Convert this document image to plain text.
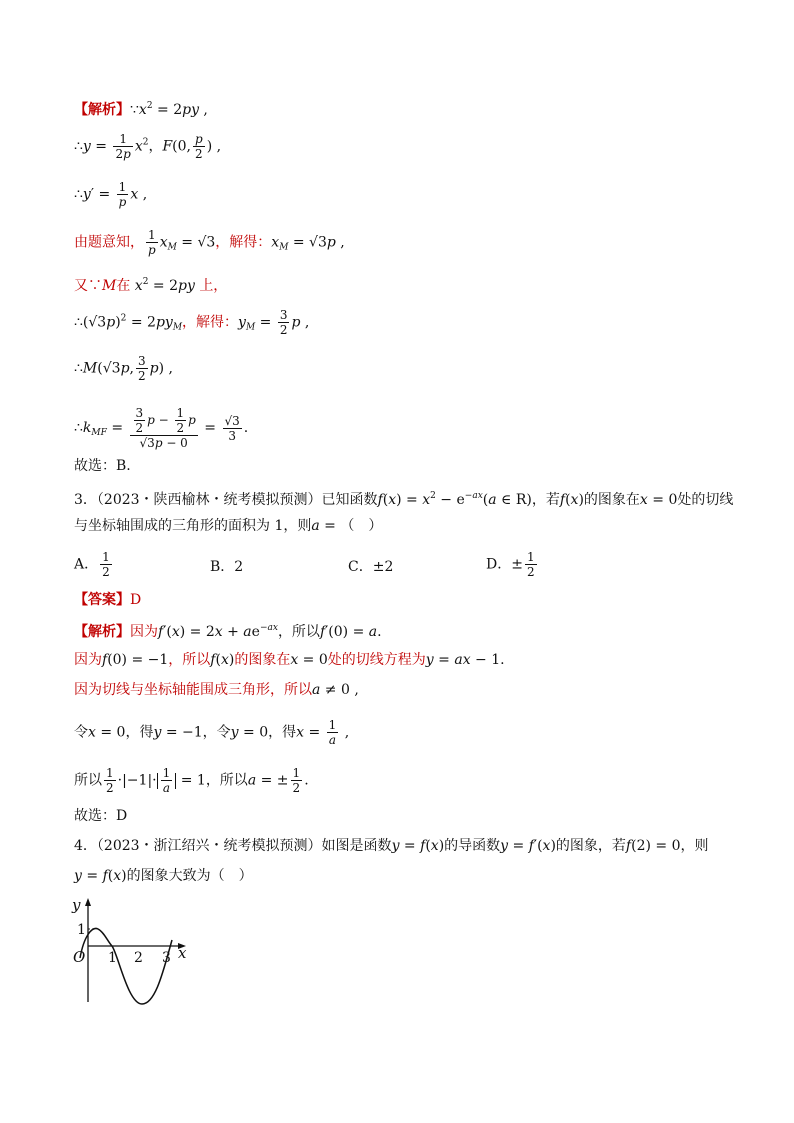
【解析】$\because x^2 = 2py$ ,
∴y = $\frac{1}{2p} x^2$，F(0, $\frac{p}{2}$ ) ,
∴y′ = $\frac{1}{p}$ x ,
由题意知， $\frac{1}{p} x_M = √3$，解得：$x_M = √3p$ ,
又∵M在 $x^2 = 2py$ 上，
$\therefore(√3p)^2 = 2py_M$，解得：$y_M = \frac{3}{2}$ p ,
∴M(√3p, $\frac{3}{2} p$) ,
$\therefore k_{MF} = \frac{\frac{3}{2} p - \frac{1}{2} p}{√3p - 0} = \frac{√3}{3}$ .
故选：B.
3．（2023・陕西榆林・统考模拟预测）已知函数$f(x) = x^2 - e^{-ax}(a$ ∈ R)，若f(x)的图象在x = 0处的切线
与坐标轴围成的三角形的面积为 1，则a = （　）
A． $\frac{1}{2}$	B．2	C．±2	D．± $\frac{1}{2}$
【答案】D
【解析】因为$f'(x) = 2x + ae^{-ax}$，所以f′(0) = a.
因为f(0) = −1，所以f(x)的图象在x = 0处的切线方程为y = ax − 1.
因为切线与坐标轴能围成三角形，所以a ≠ 0 ,
令x = 0，得y = −1，令y = 0，得$x = \frac{1}{a}$ ,
所以 $\frac{1}{2} \cdot|-1|\cdot \frac{1}{a} = 1$，所以a = ± $\frac{1}{2}$ .
故选：D
4．（2023・浙江绍兴・统考模拟预测）如图是函数y = f(x)的导函数y = f′(x)的图象，若f(2) = 0，则
y = f(x)的图象大致为（　）
y
1
O 1 2 3 x
